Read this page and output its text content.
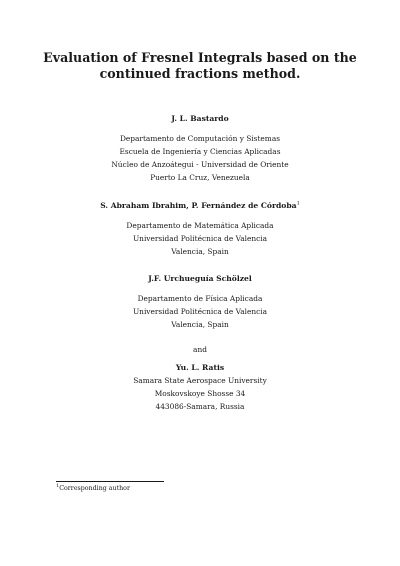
Evaluation of Fresnel Integrals based on the
continued fractions method.
J. L. Bastardo
Departamento de Computación y Sistemas
Escuela de Ingeniería y Ciencias Aplicadas
Núcleo de Anzoátegui - Universidad de Oriente
Puerto La Cruz, Venezuela
S. Abraham Ibrahim, P. Fernández de Córdoba$^1$
Departamento de Matemática Aplicada
Universidad Politécnica de Valencia
Valencia, Spain
J.F. Urchueguía Schölzel
Departamento de Física Aplicada
Universidad Politécnica de Valencia
Valencia, Spain
and
Yu. L. Ratis
Samara State Aerospace University
Moskovskoye Shosse 34
443086-Samara, Russia
$^1$Corresponding author
